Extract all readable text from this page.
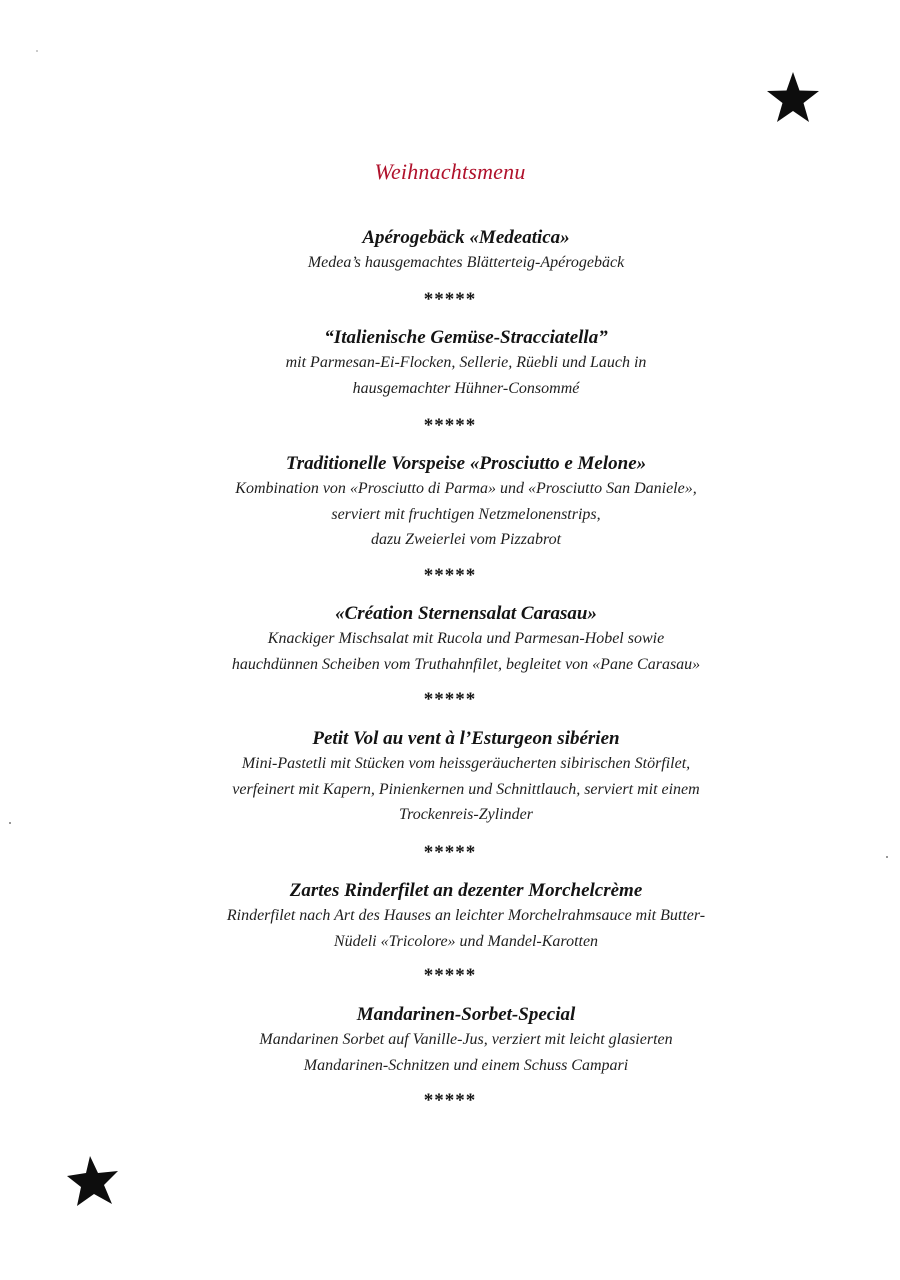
Weihnachtsmenu
Apérogebäck «Medeatica»
Medea’s hausgemachtes Blätterteig-Apérogebäck
*****
“Italienische Gemüse-Stracciatella”
mit Parmesan-Ei-Flocken, Sellerie, Rüebli und Lauch in
hausgemachter Hühner-Consommé
*****
Traditionelle Vorspeise «Prosciutto e Melone»
Kombination von «Prosciutto di Parma» und «Prosciutto San Daniele»,
serviert mit fruchtigen Netzmelonenstrips,
dazu Zweierlei vom Pizzabrot
*****
«Création Sternensalat Carasau»
Knackiger Mischsalat mit Rucola und Parmesan-Hobel sowie
hauchdünnen Scheiben vom Truthahnfilet, begleitet von «Pane Carasau»
*****
Petit Vol au vent à l’Esturgeon sibérien
Mini-Pastetli mit Stücken vom heissgeräucherten sibirischen Störfilet,
verfeinert mit Kapern, Pinienkernen und Schnittlauch, serviert mit einem
Trockenreis-Zylinder
*****
Zartes Rinderfilet an dezenter Morchelcrème
Rinderfilet nach Art des Hauses an leichter Morchelrahmsauce mit Butter-
Nüdeli «Tricolore» und Mandel-Karotten
*****
Mandarinen-Sorbet-Special
Mandarinen Sorbet auf Vanille-Jus, verziert mit leicht glasierten
Mandarinen-Schnitzen und einem Schuss Campari
*****
